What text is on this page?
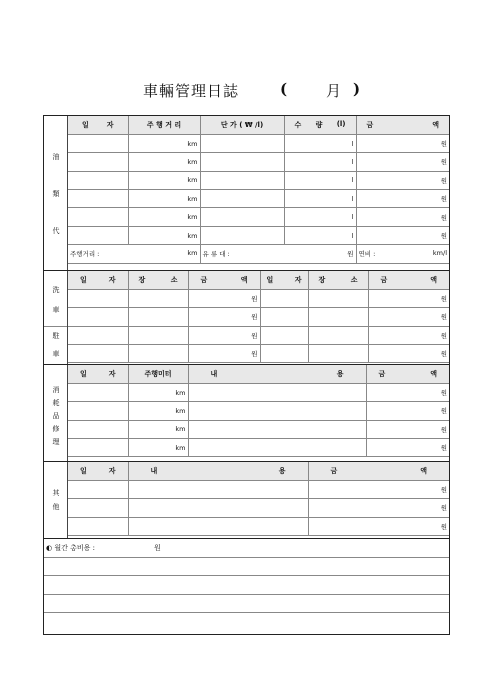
車輛管理日誌	(	月 )
油
類
代
일 자	주 행 거 리	단 가 ( ₩ /l)	수 량 (l)	금 액

	km		l	원
	km		l	원
	km		l	원
	km		l	원
	km		l	원
	km		l	원

주행거리 : km		유 류 대 : 원		연비 : km/l
洗
車
駐
車
일 자	장 소	금 액	일 자	장 소	금 액

		원			원
		원			원
		원			원
		원			원
消
耗
品
修
理
일 자	주행미터	내 용	금 액

	km		원
	km		원
	km		원
	km		원
其
他
일 자	내 용	금 액

		원
		원
		원
◐ 월간 총비용 :	원
